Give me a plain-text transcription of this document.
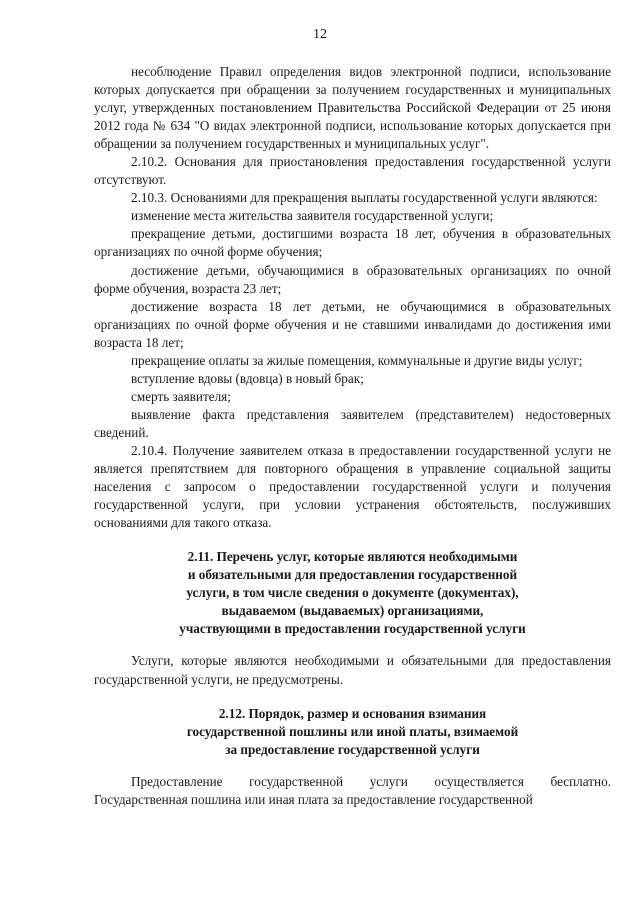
12

несоблюдение Правил определения видов электронной подписи, использование которых допускается при обращении за получением государственных и муниципальных услуг, утвержденных постановлением Правительства Российской Федерации от 25 июня 2012 года № 634 "О видах электронной подписи, использование которых допускается при обращении за получением государственных и муниципальных услуг".

2.10.2. Основания для приостановления предоставления государственной услуги отсутствуют.

2.10.3. Основаниями для прекращения выплаты государственной услуги являются:

изменение места жительства заявителя государственной услуги;

прекращение детьми, достигшими возраста 18 лет, обучения в образовательных организациях по очной форме обучения;

достижение детьми, обучающимися в образовательных организациях по очной форме обучения, возраста 23 лет;

достижение возраста 18 лет детьми, не обучающимися в образовательных организациях по очной форме обучения и не ставшими инвалидами до достижения ими возраста 18 лет;

прекращение оплаты за жилые помещения, коммунальные и другие виды услуг;

вступление вдовы (вдовца) в новый брак;

смерть заявителя;

выявление факта представления заявителем (представителем) недостоверных сведений.

2.10.4. Получение заявителем отказа в предоставлении государственной услуги не является препятствием для повторного обращения в управление социальной защиты населения с запросом о предоставлении государственной услуги и получения государственной услуги, при условии устранения обстоятельств, послуживших основаниями для такого отказа.

2.11. Перечень услуг, которые являются необходимыми
и обязательными для предоставления государственной
услуги, в том числе сведения о документе (документах),
выдаваемом (выдаваемых) организациями,
участвующими в предоставлении государственной услуги

Услуги, которые являются необходимыми и обязательными для предоставления государственной услуги, не предусмотрены.

2.12. Порядок, размер и основания взимания
государственной пошлины или иной платы, взимаемой
за предоставление государственной услуги

Предоставление государственной услуги осуществляется бесплатно. Государственная пошлина или иная плата за предоставление государственной
